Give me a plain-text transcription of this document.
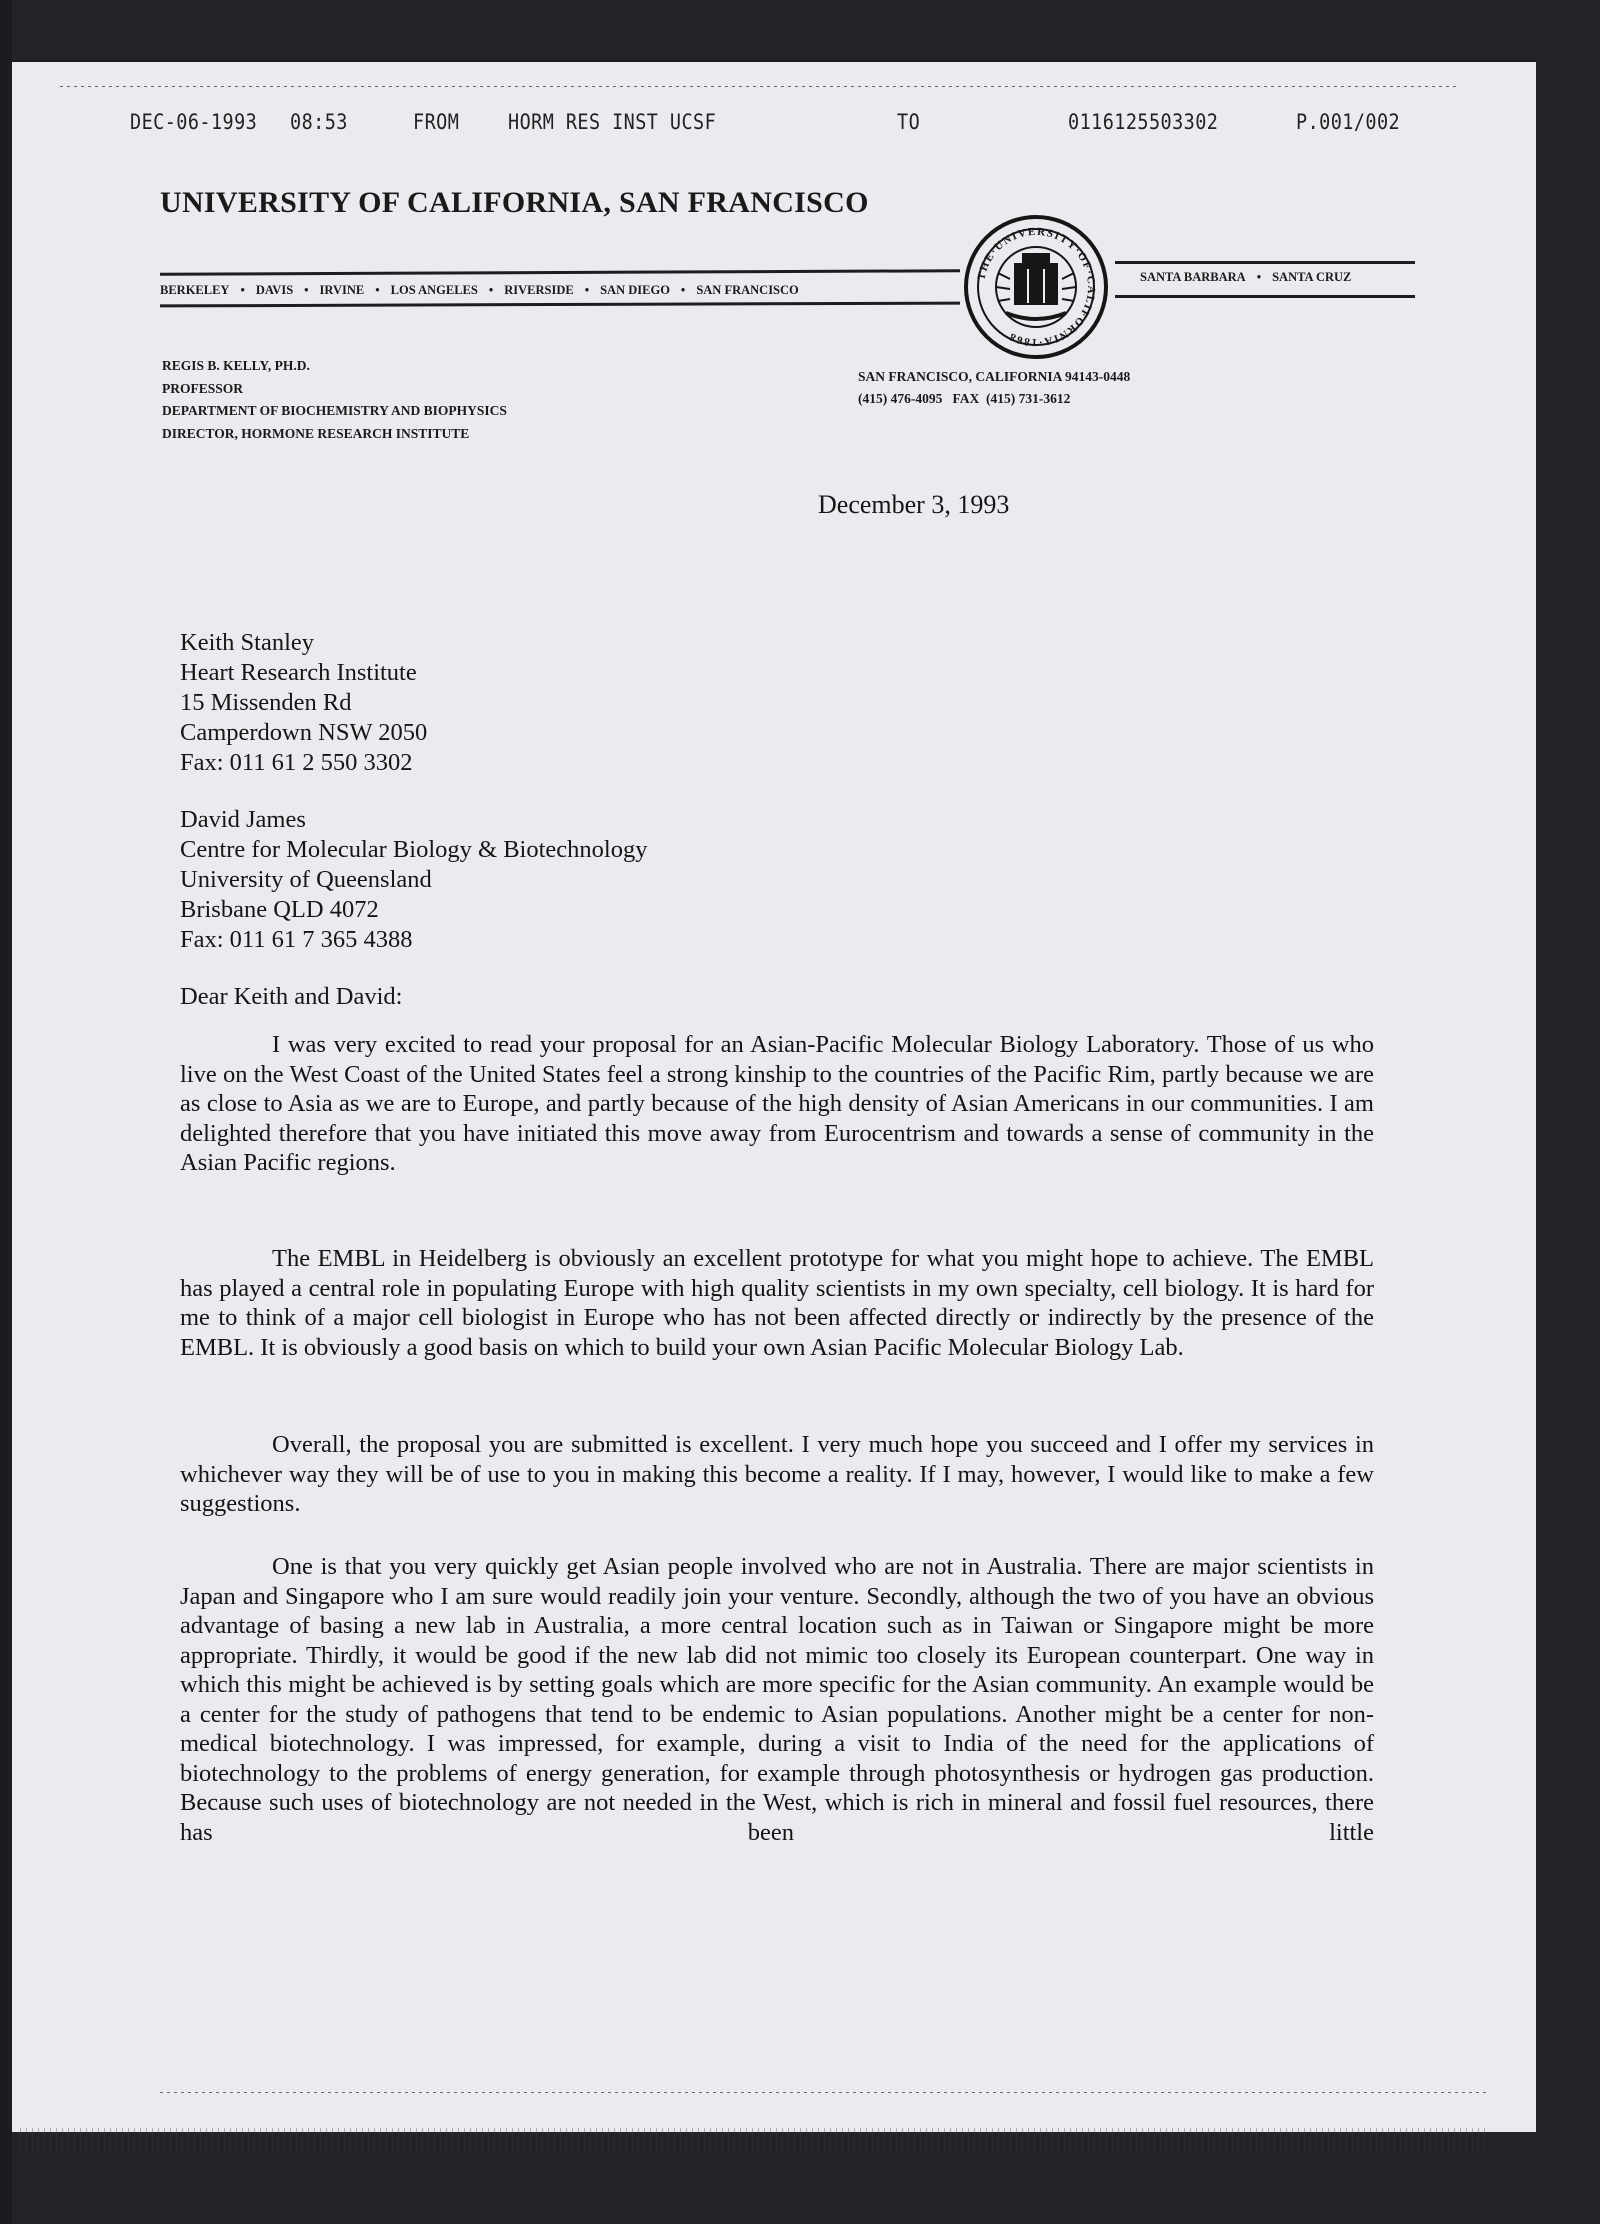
DEC-06-1993 08:53	FROM HORM RES INST UCSF	TO	0116125503302	P.001/002
UNIVERSITY OF CALIFORNIA, SAN FRANCISCO
BERKELEY • DAVIS • IRVINE • LOS ANGELES • RIVERSIDE • SAN DIEGO • SAN FRANCISCO
SANTA BARBARA • SANTA CRUZ
THE·UNIVERSITY·OF·CALIFORNIA·1868
REGIS B. KELLY, PH.D.
PROFESSOR
DEPARTMENT OF BIOCHEMISTRY AND BIOPHYSICS
DIRECTOR, HORMONE RESEARCH INSTITUTE
SAN FRANCISCO, CALIFORNIA 94143-0448
(415) 476-4095   FAX  (415) 731-3612
December 3, 1993
Keith Stanley
Heart Research Institute
15 Missenden Rd
Camperdown NSW 2050
Fax: 011 61 2 550 3302
David James
Centre for Molecular Biology & Biotechnology
University of Queensland
Brisbane QLD 4072
Fax: 011 61 7 365 4388
Dear Keith and David:

I was very excited to read your proposal for an Asian-Pacific Molecular Biology Laboratory. Those of us who live on the West Coast of the United States feel a strong kinship to the countries of the Pacific Rim, partly because we are as close to Asia as we are to Europe, and partly because of the high density of Asian Americans in our communities. I am delighted therefore that you have initiated this move away from Eurocentrism and towards a sense of community in the Asian Pacific regions.

The EMBL in Heidelberg is obviously an excellent prototype for what you might hope to achieve. The EMBL has played a central role in populating Europe with high quality scientists in my own specialty, cell biology. It is hard for me to think of a major cell biologist in Europe who has not been affected directly or indirectly by the presence of the EMBL. It is obviously a good basis on which to build your own Asian Pacific Molecular Biology Lab.

Overall, the proposal you are submitted is excellent. I very much hope you succeed and I offer my services in whichever way they will be of use to you in making this become a reality. If I may, however, I would like to make a few suggestions.

One is that you very quickly get Asian people involved who are not in Australia. There are major scientists in Japan and Singapore who I am sure would readily join your venture. Secondly, although the two of you have an obvious advantage of basing a new lab in Australia, a more central location such as in Taiwan or Singapore might be more appropriate. Thirdly, it would be good if the new lab did not mimic too closely its European counterpart. One way in which this might be achieved is by setting goals which are more specific for the Asian community. An example would be a center for the study of pathogens that tend to be endemic to Asian populations. Another might be a center for non-medical biotechnology. I was impressed, for example, during a visit to India of the need for the applications of biotechnology to the problems of energy generation, for example through photosynthesis or hydrogen gas production. Because such uses of biotechnology are not needed in the West, which is rich in mineral and fossil fuel resources, there has been little
